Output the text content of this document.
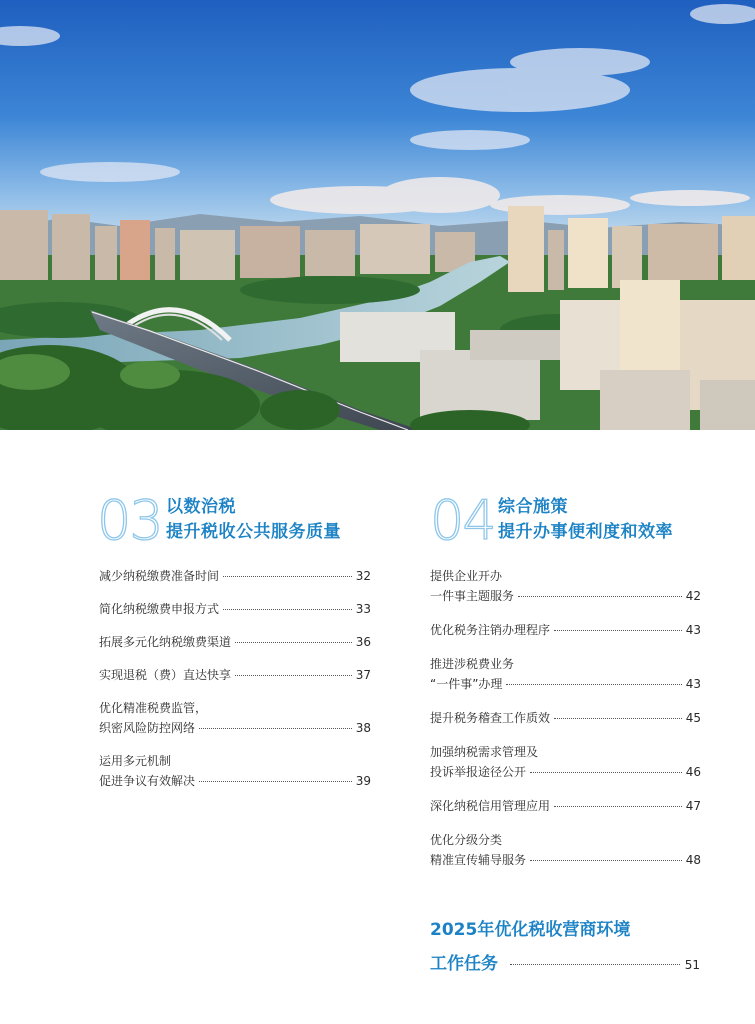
03 以数治税
提升税收公共服务质量
减少纳税缴费准备时间	32
简化纳税缴费申报方式	33
拓展多元化纳税缴费渠道	36
实现退税（费）直达快享	37
优化精准税费监管，
织密风险防控网络	38
运用多元机制
促进争议有效解决	39
04 综合施策
提升办事便利度和效率
提供企业开办
一件事主题服务	42
优化税务注销办理程序	43
推进涉税费业务
“一件事”办理	43
提升税务稽查工作质效	45
加强纳税需求管理及
投诉举报途径公开	46
深化纳税信用管理应用	47
优化分级分类
精准宣传辅导服务	48
2025年优化税收营商环境
工作任务	51
